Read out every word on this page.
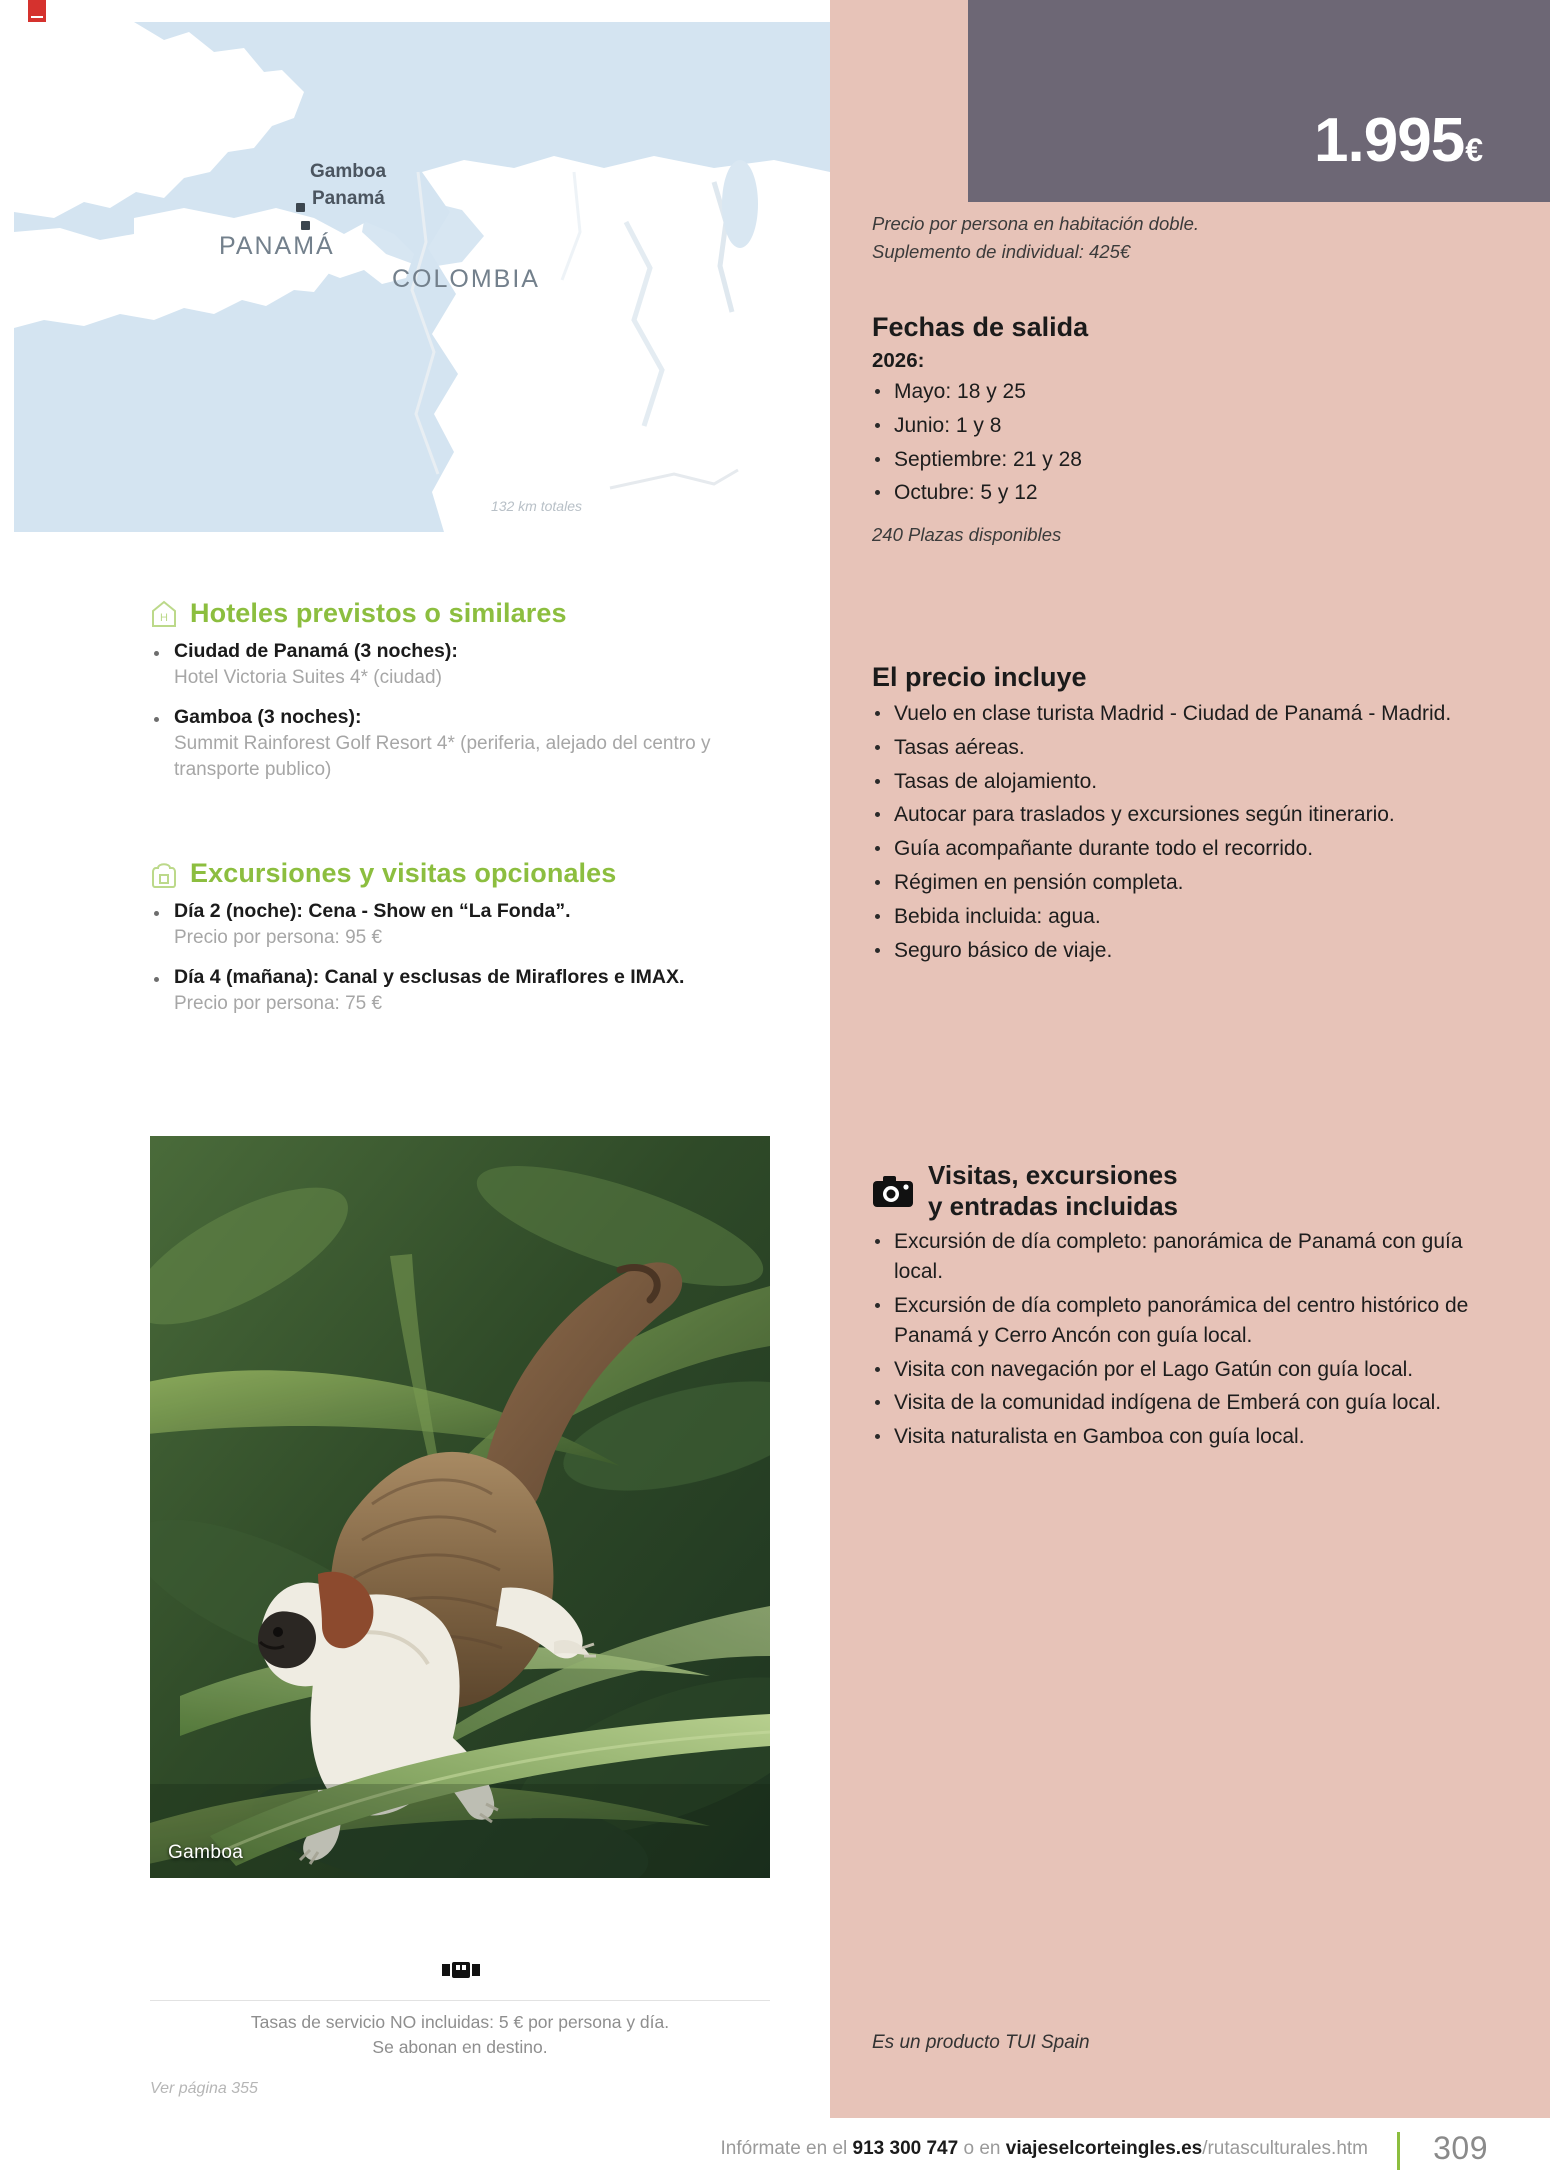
PANAMÁ
COLOMBIA
Gamboa
Panamá
132 km totales
H Hoteles previstos o similares
Ciudad de Panamá (3 noches):
Hotel Victoria Suites 4* (ciudad)
Gamboa (3 noches):
Summit Rainforest Golf Resort 4* (periferia, alejado del centro y transporte publico)
Excursiones y visitas opcionales
Día 2 (noche): Cena - Show en “La Fonda”.
Precio por persona: 95 €
Día 4 (mañana): Canal y esclusas de Miraflores e IMAX.
Precio por persona: 75 €
Gamboa
Tasas de servicio NO incluidas: 5 € por persona y día.
Se abonan en destino.
Ver página 355
1.995€
Precio por persona en habitación doble.
Suplemento de individual: 425€
Fechas de salida
2026:
Mayo: 18 y 25
Junio: 1 y 8
Septiembre: 21 y 28
Octubre: 5 y 12
240 Plazas disponibles
El precio incluye
Vuelo en clase turista Madrid - Ciudad de Panamá - Madrid.
Tasas aéreas.
Tasas de alojamiento.
Autocar para traslados y excursiones según itinerario.
Guía acompañante durante todo el recorrido.
Régimen en pensión completa.
Bebida incluida: agua.
Seguro básico de viaje.
Visitas, excursiones
y entradas incluidas
Excursión de día completo: panorámica de Panamá con guía local.
Excursión de día completo panorámica del centro histórico de Panamá y Cerro Ancón con guía local.
Visita con navegación por el Lago Gatún con guía local.
Visita de la comunidad indígena de Emberá con guía local.
Visita naturalista en Gamboa con guía local.
Es un producto TUI Spain
Infórmate en el 913 300 747 o en viajeselcorteingles.es/rutasculturales.htm 309
